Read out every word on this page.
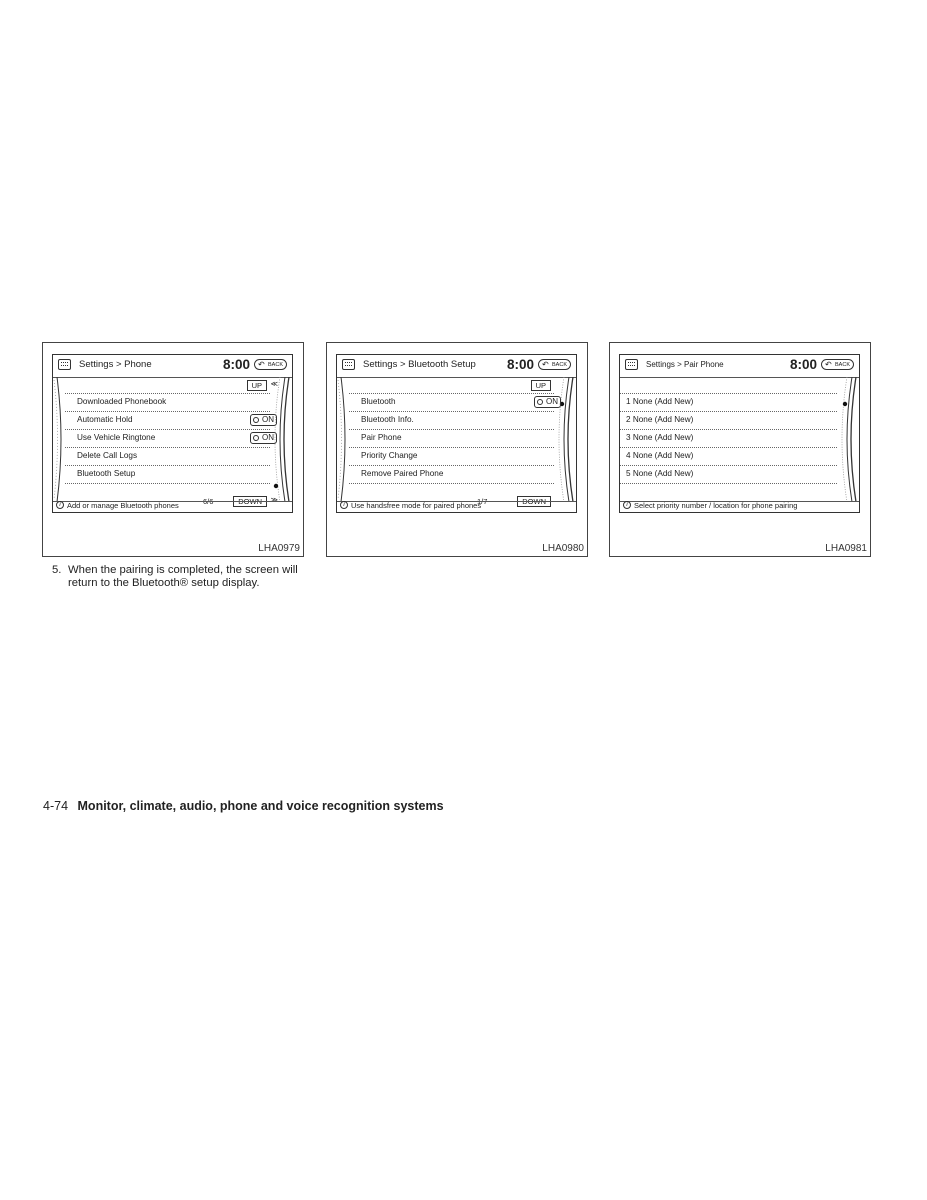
Settings > Phone	8:00 ↶ BACK
UP	≪
Downloaded Phonebook
Automatic Hold	ON
Use Vehicle Ringtone	ON
Delete Call Logs
Bluetooth Setup
6/6	DOWN	≫
i Add or manage Bluetooth phones
LHA0979
Settings > Bluetooth Setup 8:00 ↶ BACK
UP
Bluetooth	ON
Bluetooth Info.
Pair Phone
Priority Change
Remove Paired Phone
1/7	DOWN
i Use handsfree mode for paired phones
LHA0980
Settings > Pair Phone	8:00 ↶ BACK
1 None (Add New)
2 None (Add New)
3 None (Add New)
4 None (Add New)
5 None (Add New)
i Select priority number / location for phone pairing
LHA0981
5. When the pairing is completed, the screen will return to the Bluetooth® setup display.
4-74 Monitor, climate, audio, phone and voice recognition systems
